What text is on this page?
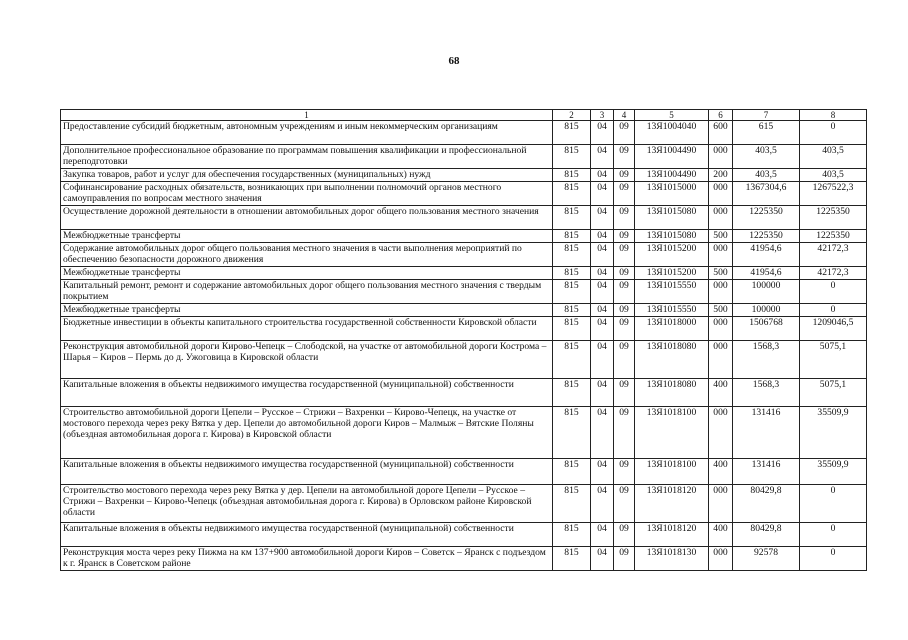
68
1	2	3	4	5	6	7	8
Предоставление субсидий бюджетным, автономным учреждениям и иным некоммерческим организациям	815	04	09	13Я1004040	600	615	0
Дополнительное профессиональное образование по программам повышения квалификации и профессиональной переподготовки	815	04	09	13Я1004490	000	403,5	403,5
Закупка товаров, работ и услуг для обеспечения государственных (муниципальных) нужд	815	04	09	13Я1004490	200	403,5	403,5
Софинансирование расходных обязательств, возникающих при выполнении полномочий органов местного самоуправления по вопросам местного значения	815	04	09	13Я1015000	000	1367304,6	1267522,3
Осуществление дорожной деятельности в отношении автомобильных дорог общего пользования местного значения	815	04	09	13Я1015080	000	1225350	1225350
Межбюджетные трансферты	815	04	09	13Я1015080	500	1225350	1225350
Содержание автомобильных дорог общего пользования местного значения в части выполнения мероприятий по обеспечению безопасности дорожного движения	815	04	09	13Я1015200	000	41954,6	42172,3
Межбюджетные трансферты	815	04	09	13Я1015200	500	41954,6	42172,3
Капитальный ремонт, ремонт и содержание автомобильных дорог общего пользования местного значения с твердым покрытием	815	04	09	13Я1015550	000	100000	0
Межбюджетные трансферты	815	04	09	13Я1015550	500	100000	0
Бюджетные инвестиции в объекты капитального строительства государственной собственности Кировской области	815	04	09	13Я1018000	000	1506768	1209046,5
Реконструкция автомобильной дороги Кирово-Чепецк – Слободской, на участке от автомобильной дороги Кострома – Шарья – Киров – Пермь до д. Ужоговица в Кировской области	815	04	09	13Я1018080	000	1568,3	5075,1
Капитальные вложения в объекты недвижимого имущества государственной (муниципальной) собственности	815	04	09	13Я1018080	400	1568,3	5075,1
Строительство автомобильной дороги Цепели – Русское – Стрижи – Вахренки – Кирово-Чепецк, на участке от мостового перехода через реку Вятка у дер. Цепели до автомобильной дороги Киров – Малмыж – Вятские Поляны (объездная автомобильная дорога г. Кирова) в Кировской области	815	04	09	13Я1018100	000	131416	35509,9
Капитальные вложения в объекты недвижимого имущества государственной (муниципальной) собственности	815	04	09	13Я1018100	400	131416	35509,9
Строительство мостового перехода через реку Вятка у дер. Цепели на автомобильной дороге Цепели – Русское – Стрижи – Вахренки – Кирово-Чепецк (объездная автомобильная дорога г. Кирова) в Орловском районе Кировской области	815	04	09	13Я1018120	000	80429,8	0
Капитальные вложения в объекты недвижимого имущества государственной (муниципальной) собственности	815	04	09	13Я1018120	400	80429,8	0
Реконструкция моста через реку Пижма на км 137+900 автомобильной дороги Киров – Советск – Яранск с подъездом к г. Яранск в Советском районе	815	04	09	13Я1018130	000	92578	0
